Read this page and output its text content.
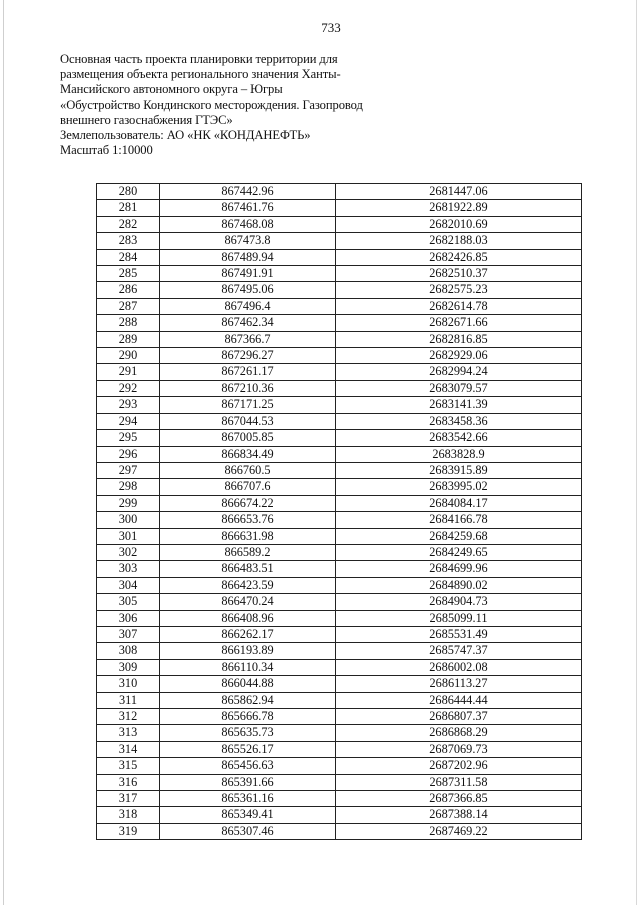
733
Основная часть проекта планировки территории для
размещения объекта регионального значения Ханты-
Мансийского автономного округа – Югры
«Обустройство Кондинского месторождения. Газопровод
внешнего газоснабжения ГТЭС»
Землепользователь: АО «НК «КОНДАНЕФТЬ»
Масштаб 1:10000
280	867442.96	2681447.06
281	867461.76	2681922.89
282	867468.08	2682010.69
283	867473.8	2682188.03
284	867489.94	2682426.85
285	867491.91	2682510.37
286	867495.06	2682575.23
287	867496.4	2682614.78
288	867462.34	2682671.66
289	867366.7	2682816.85
290	867296.27	2682929.06
291	867261.17	2682994.24
292	867210.36	2683079.57
293	867171.25	2683141.39
294	867044.53	2683458.36
295	867005.85	2683542.66
296	866834.49	2683828.9
297	866760.5	2683915.89
298	866707.6	2683995.02
299	866674.22	2684084.17
300	866653.76	2684166.78
301	866631.98	2684259.68
302	866589.2	2684249.65
303	866483.51	2684699.96
304	866423.59	2684890.02
305	866470.24	2684904.73
306	866408.96	2685099.11
307	866262.17	2685531.49
308	866193.89	2685747.37
309	866110.34	2686002.08
310	866044.88	2686113.27
311	865862.94	2686444.44
312	865666.78	2686807.37
313	865635.73	2686868.29
314	865526.17	2687069.73
315	865456.63	2687202.96
316	865391.66	2687311.58
317	865361.16	2687366.85
318	865349.41	2687388.14
319	865307.46	2687469.22
